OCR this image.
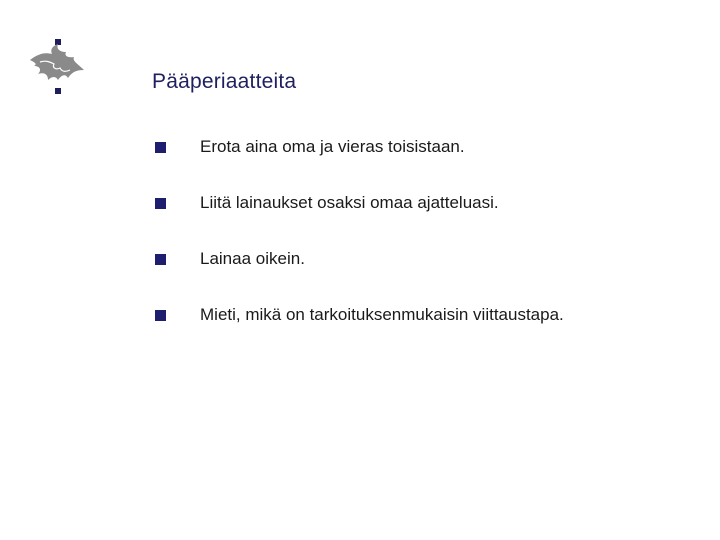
Pääperiaatteita
Erota aina oma ja vieras toisistaan.
Liitä lainaukset osaksi omaa ajatteluasi.
Lainaa oikein.
Mieti, mikä on tarkoituksenmukaisin viittaustapa.
